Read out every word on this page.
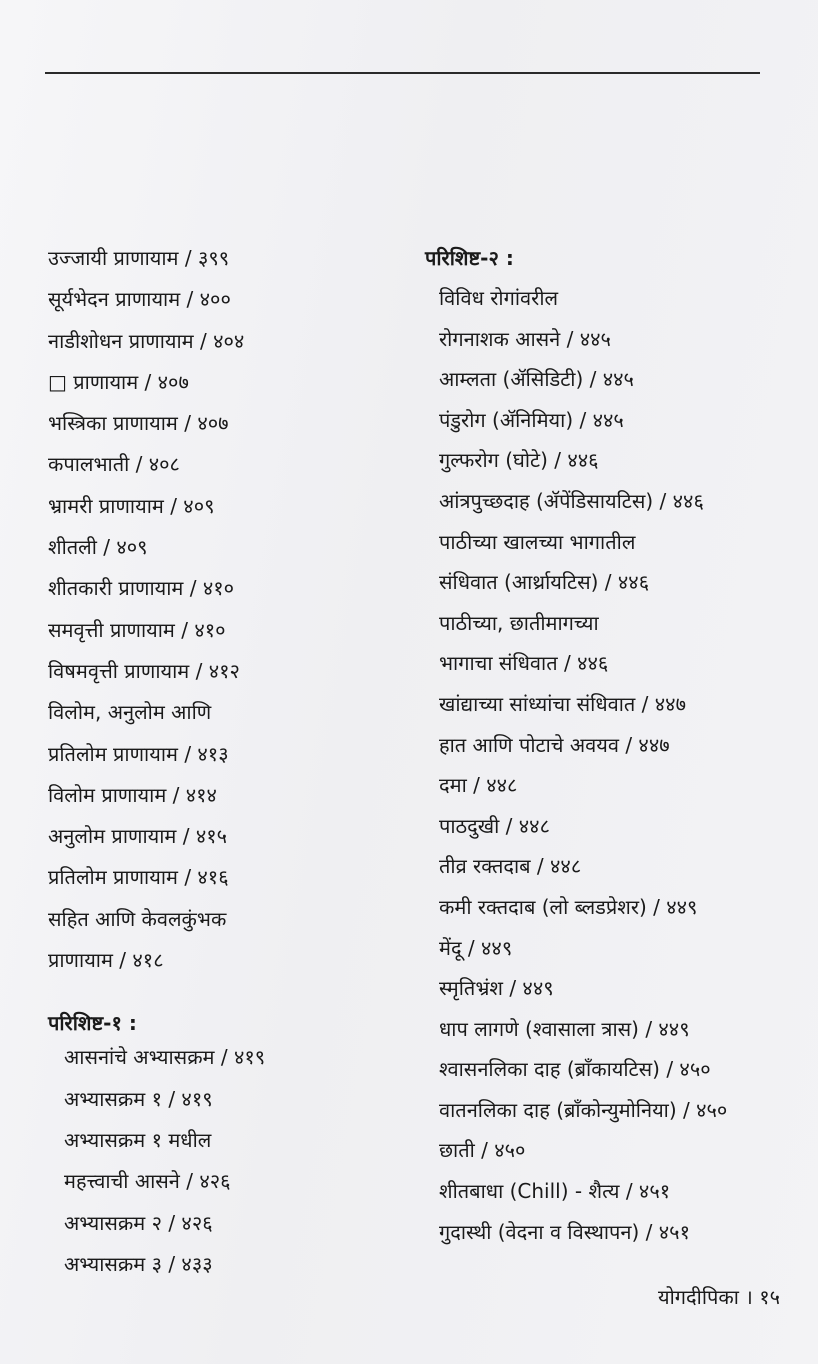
उज्जायी प्राणायाम / ३९९
सूर्यभेदन प्राणायाम / ४००
नाडीशोधन प्राणायाम / ४०४
□ प्राणायाम / ४०७
भस्त्रिका प्राणायाम / ४०७
कपालभाती / ४०८
भ्रामरी प्राणायाम / ४०९
शीतली / ४०९
शीतकारी प्राणायाम / ४१०
समवृत्ती प्राणायाम / ४१०
विषमवृत्ती प्राणायाम / ४१२
विलोम, अनुलोम आणि
प्रतिलोम प्राणायाम / ४१३
विलोम प्राणायाम / ४१४
अनुलोम प्राणायाम / ४१५
प्रतिलोम प्राणायाम / ४१६
सहित आणि केवलकुंभक
प्राणायाम / ४१८
परिशिष्ट-१ :
आसनांचे अभ्यासक्रम / ४१९
अभ्यासक्रम १ / ४१९
अभ्यासक्रम १ मधील
महत्त्वाची आसने / ४२६
अभ्यासक्रम २ / ४२६
अभ्यासक्रम ३ / ४३३
परिशिष्ट-२ :
विविध रोगांवरील
रोगनाशक आसने / ४४५
आम्लता (ॲसिडिटी) / ४४५
पंडुरोग (ॲनिमिया) / ४४५
गुल्फरोग (घोटे) / ४४६
आंत्रपुच्छदाह (ॲपेंडिसायटिस) / ४४६
पाठीच्या खालच्या भागातील
संधिवात (आर्थ्रायटिस) / ४४६
पाठीच्या, छातीमागच्या
भागाचा संधिवात / ४४६
खांद्याच्या सांध्यांचा संधिवात / ४४७
हात आणि पोटाचे अवयव / ४४७
दमा / ४४८
पाठदुखी / ४४८
तीव्र रक्तदाब / ४४८
कमी रक्तदाब (लो ब्लडप्रेशर) / ४४९
मेंदू / ४४९
स्मृतिभ्रंश / ४४९
धाप लागणे (श्वासाला त्रास) / ४४९
श्वासनलिका दाह (ब्राँकायटिस) / ४५०
वातनलिका दाह (ब्राँकोन्युमोनिया) / ४५०
छाती / ४५०
शीतबाधा (Chill) - शैत्य / ४५१
गुदास्थी (वेदना व विस्थापन) / ४५१
योगदीपिका । १५
